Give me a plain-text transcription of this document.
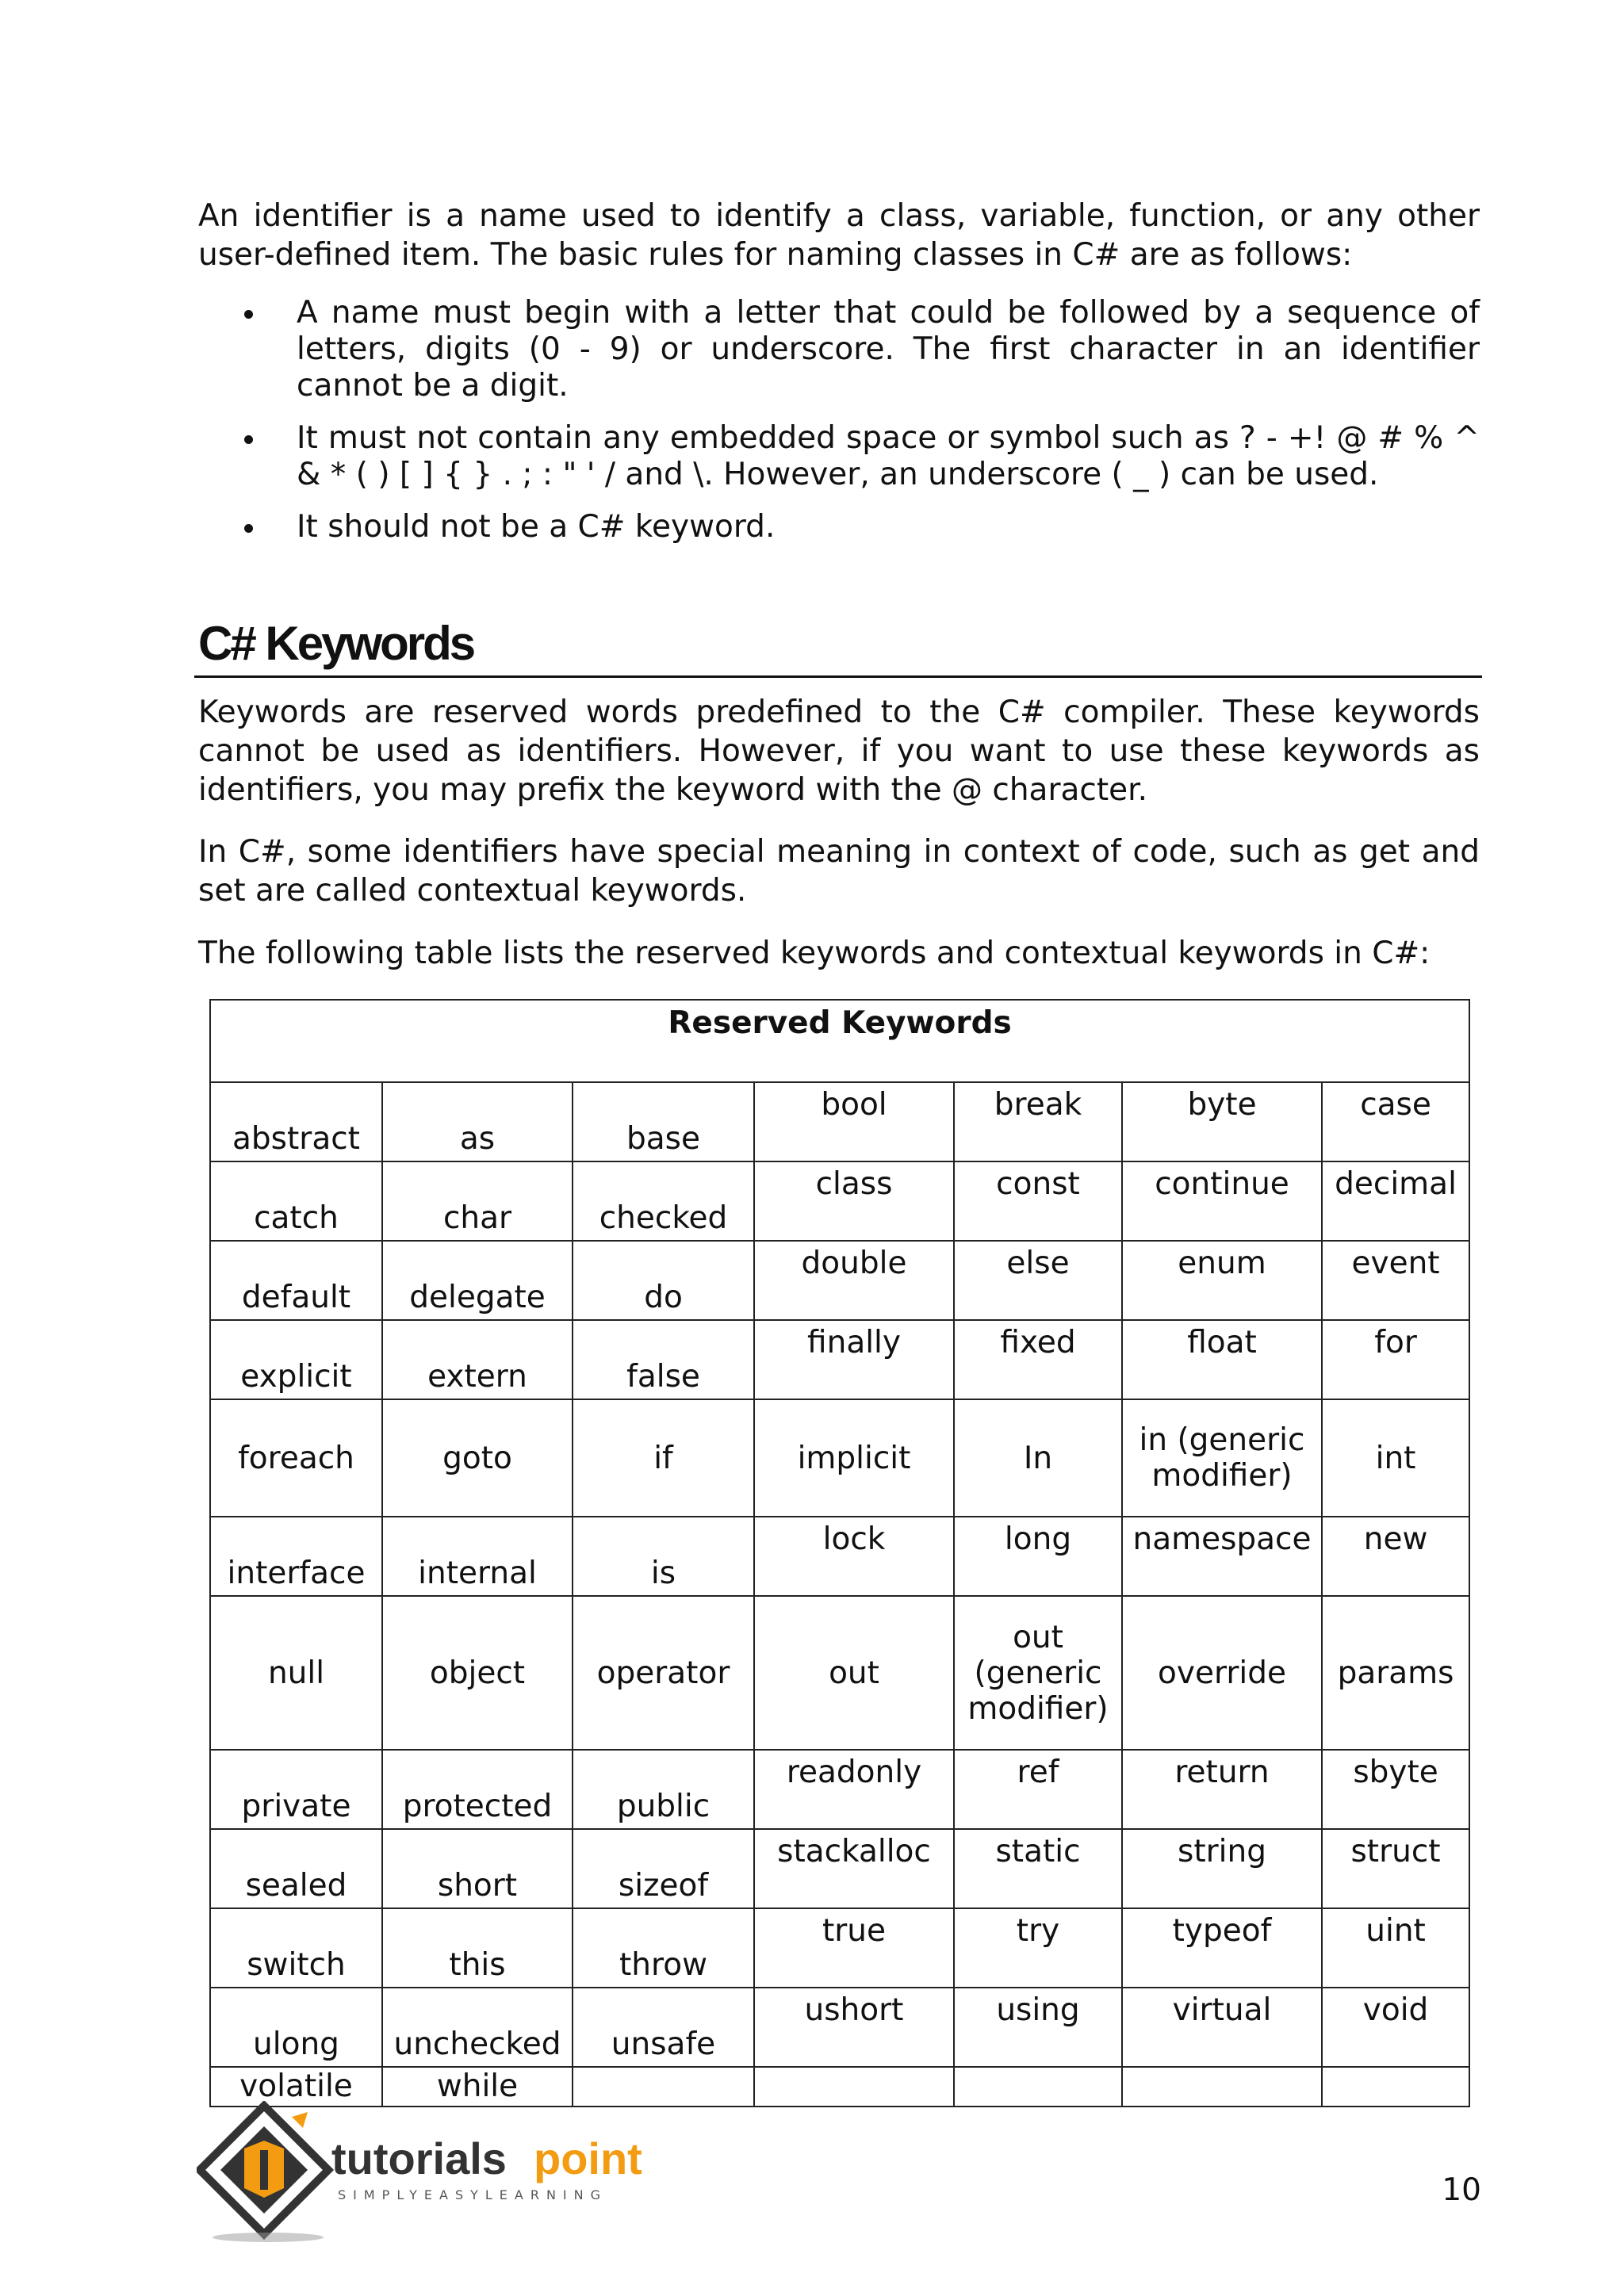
An identifier is a name used to identify a class, variable, function, or any other user-defined item. The basic rules for naming classes in C# are as follows:

A name must begin with a letter that could be followed by a sequence of letters, digits (0 - 9) or underscore. The first character in an identifier cannot be a digit.
It must not contain any embedded space or symbol such as ? - +! @ # % ^ & * ( ) [ ] { } . ; : " ' / and \. However, an underscore ( _ ) can be used.
It should not be a C# keyword.
C# Keywords

Keywords are reserved words predefined to the C# compiler. These keywords cannot be used as identifiers. However, if you want to use these keywords as identifiers, you may prefix the keyword with the @ character.

In C#, some identifiers have special meaning in context of code, such as get and set are called contextual keywords.

The following table lists the reserved keywords and contextual keywords in C#:

Reserved Keywords						
abstract	as	base	bool	break	byte	case
catch	char	checked	class	const	continue	decimal
default	delegate	do	double	else	enum	event
explicit	extern	false	finally	fixed	float	for
foreach	goto	if	implicit	In	in (generic modifier)	int
interface	internal	is	lock	long	namespace	new
null	object	operator	out	out (generic modifier)	override	params
private	protected	public	readonly	ref	return	sbyte
sealed	short	sizeof	stackalloc	static	string	struct
switch	this	throw	true	try	typeof	uint
ulong	unchecked	unsafe	ushort	using	virtual	void
volatile	while					
tutorials point
SIMPLYEASYLEARNING	10
